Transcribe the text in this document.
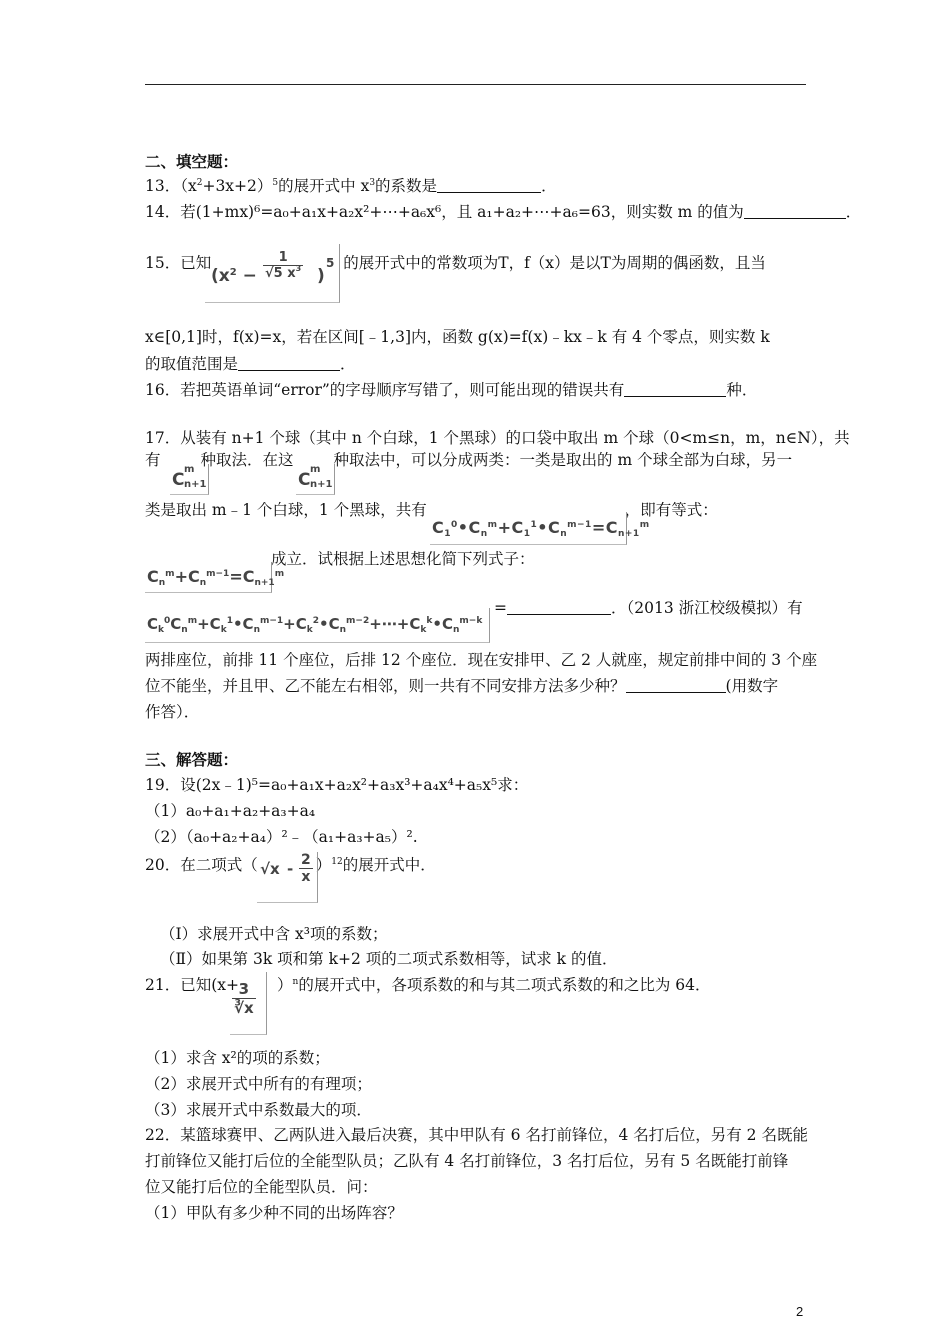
二、填空题：
13．$(x^2+3x+2)^5$的展开式中 $x^3$的系数是	．
14．若(1+mx)⁶=a₀+a₁x+a₂x²+⋯+a₆x⁶，且 a₁+a₂+⋯+a₆=63，则实数 m 的值为	．
15．已知	的展开式中的常数项为T，f（x）是以T为周期的偶函数，且当
($x^2 - \frac{1}{√5 x^3}$ )
5
x∈[0,1]时，f(x)=x，若在区间[﹣1,3]内，函数 g(x)=f(x)﹣kx﹣k 有 4 个零点，则实数 k
的取值范围是	．
16．若把英语单词“error”的字母顺序写错了，则可能出现的错误共有	种．
17．从装有 n+1 个球（其中 n 个白球，1 个黑球）的口袋中取出 m 个球（0<m≤n，m，n∈N），共
有	种取法．在这	种取法中，可以分成两类：一类是取出的 m 个球全部为白球，另一
C
m
n+1	C
m
n+1
类是取出 m﹣1 个白球，1 个黑球，共有	，即有等式：
$C_1^0•C_n^m+C_1^1•C_n^{m-1}=C_{n+1}^m$
成立．试根据上述思想化简下列式子：
$C_n^m+C_n^{m-1}=C_{n+1}^m$
$C_k^0C_n^m+C_k^1•C_n^{m-1}+C_k^2•C_n^{m-2}+\cdots+C_k^k•C_n^{m-k}$
=	．（2013 浙江校级模拟）有
两排座位，前排 11 个座位，后排 12 个座位．现在安排甲、乙 2 人就座，规定前排中间的 3 个座
位不能坐，并且甲、乙不能左右相邻，则一共有不同安排方法多少种？	(用数字
作答）．
三、解答题：
19．设(2x﹣1)⁵=a₀+a₁x+a₂x²+a₃x³+a₄x⁴+a₅x⁵求：
（1）a₀+a₁+a₂+a₃+a₄
（2）（a₀+a₂+a₄）²﹣（a₁+a₃+a₅）².
20．在二项式（	）$^{12}$的展开式中．
$√x - \frac{2}{x}$
（Ⅰ）求展开式中含 x³项的系数；
（Ⅱ）如果第 3k 项和第 k+2 项的二项式系数相等，试求 k 的值．
21．已知(x+ ）$^n$的展开式中，各项系数的和与其二项式系数的和之比为 64．
$\frac{3}{∛x}$
（1）求含 x²的项的系数；
（2）求展开式中所有的有理项；
（3）求展开式中系数最大的项．
22．某篮球赛甲、乙两队进入最后决赛，其中甲队有 6 名打前锋位，4 名打后位，另有 2 名既能
打前锋位又能打后位的全能型队员；乙队有 4 名打前锋位，3 名打后位，另有 5 名既能打前锋
位又能打后位的全能型队员．问：
（1）甲队有多少种不同的出场阵容？
2
